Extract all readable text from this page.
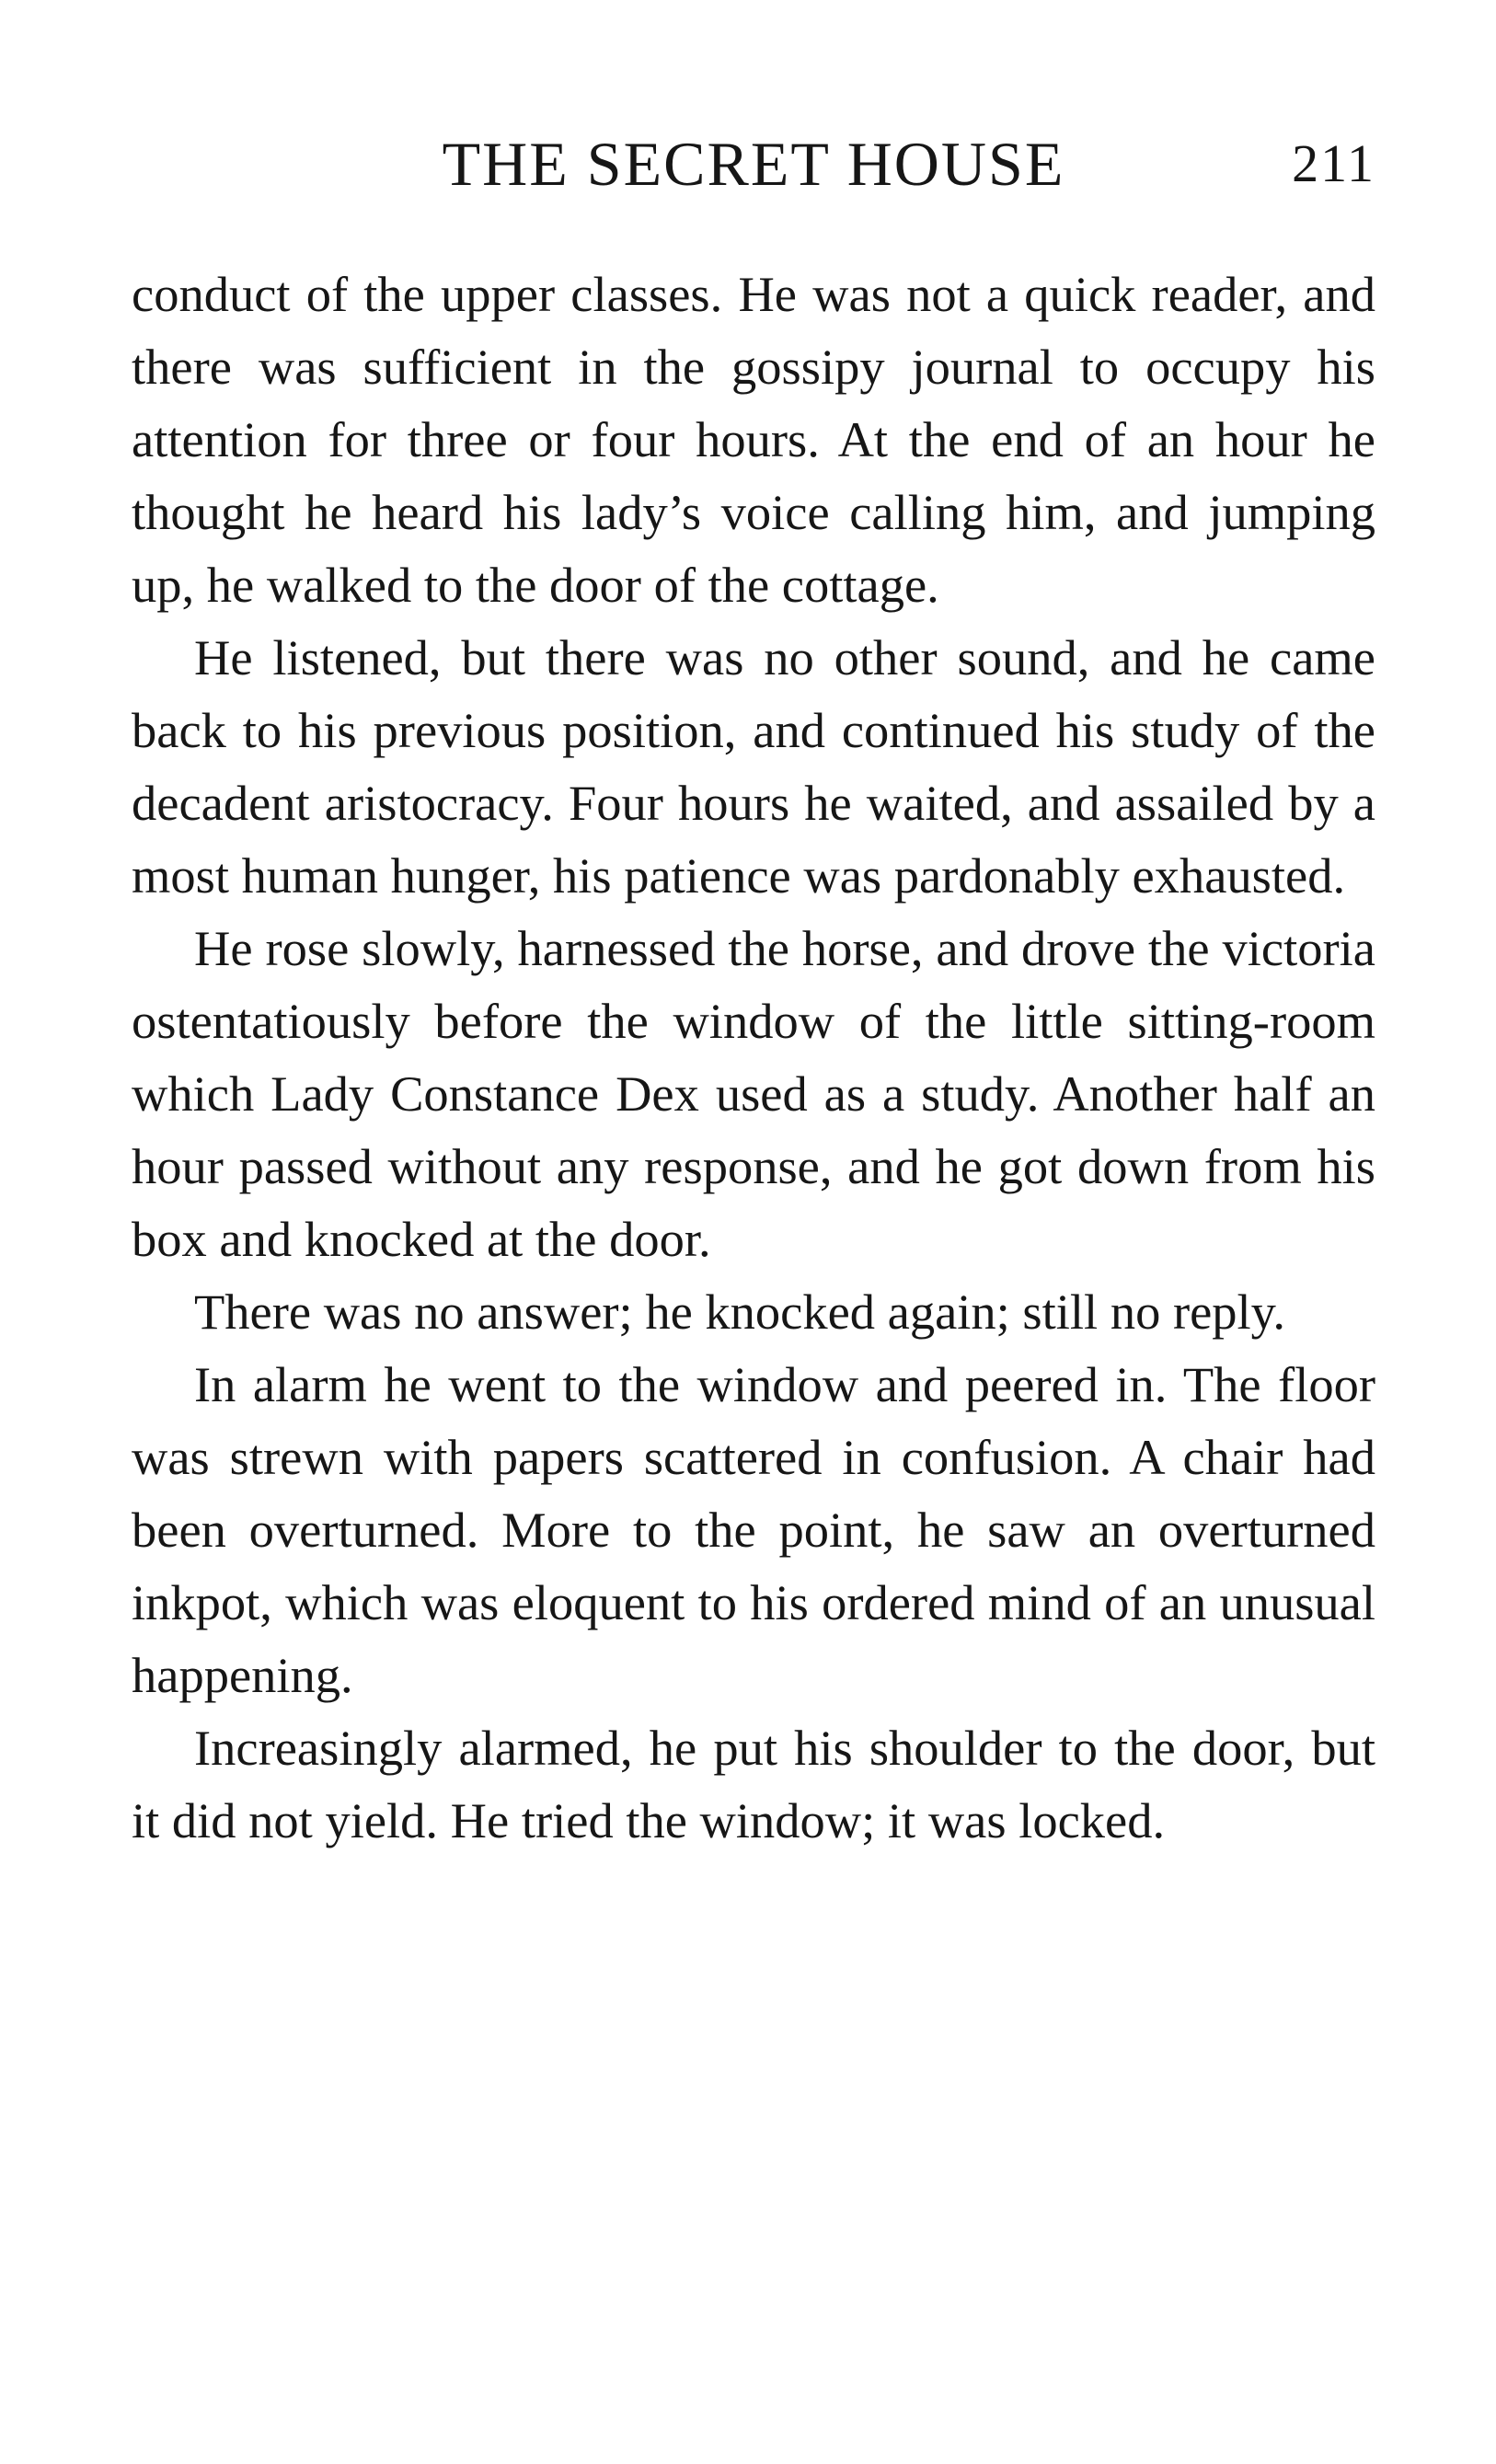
THE SECRET HOUSE	211

conduct of the upper classes. He was not a quick reader, and there was sufficient in the gossipy journal to occupy his attention for three or four hours. At the end of an hour he thought he heard his lady’s voice calling him, and jumping up, he walked to the door of the cottage.

He listened, but there was no other sound, and he came back to his previous position, and continued his study of the decadent aristocracy. Four hours he waited, and assailed by a most human hunger, his patience was pardonably exhausted.

He rose slowly, harnessed the horse, and drove the victoria ostentatiously before the window of the little sitting-room which Lady Constance Dex used as a study. Another half an hour passed without any response, and he got down from his box and knocked at the door.

There was no answer; he knocked again; still no reply.

In alarm he went to the window and peered in. The floor was strewn with papers scattered in confusion. A chair had been overturned. More to the point, he saw an overturned inkpot, which was eloquent to his ordered mind of an unusual happening.

Increasingly alarmed, he put his shoulder to the door, but it did not yield. He tried the window; it was locked.
